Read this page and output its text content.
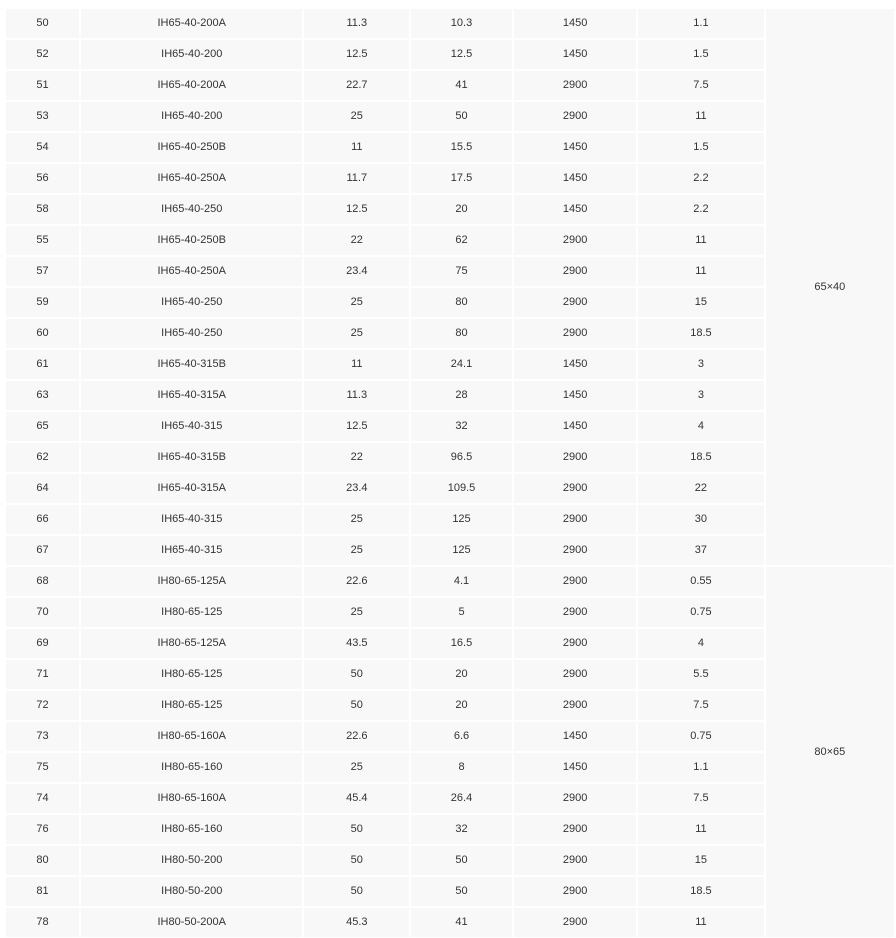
50	IH65-40-200A	11.3	10.3	1450	1.1	65×40
52	IH65-40-200	12.5	12.5	1450	1.5	
51	IH65-40-200A	22.7	41	2900	7.5	
53	IH65-40-200	25	50	2900	11	
54	IH65-40-250B	11	15.5	1450	1.5	
56	IH65-40-250A	11.7	17.5	1450	2.2	
58	IH65-40-250	12.5	20	1450	2.2	
55	IH65-40-250B	22	62	2900	11	
57	IH65-40-250A	23.4	75	2900	11	
59	IH65-40-250	25	80	2900	15	
60	IH65-40-250	25	80	2900	18.5	
61	IH65-40-315B	11	24.1	1450	3	
63	IH65-40-315A	11.3	28	1450	3	
65	IH65-40-315	12.5	32	1450	4	
62	IH65-40-315B	22	96.5	2900	18.5	
64	IH65-40-315A	23.4	109.5	2900	22	
66	IH65-40-315	25	125	2900	30	
67	IH65-40-315	25	125	2900	37	
68	IH80-65-125A	22.6	4.1	2900	0.55	80×65
70	IH80-65-125	25	5	2900	0.75	
69	IH80-65-125A	43.5	16.5	2900	4	
71	IH80-65-125	50	20	2900	5.5	
72	IH80-65-125	50	20	2900	7.5	
73	IH80-65-160A	22.6	6.6	1450	0.75	
75	IH80-65-160	25	8	1450	1.1	
74	IH80-65-160A	45.4	26.4	2900	7.5	
76	IH80-65-160	50	32	2900	11	
80	IH80-50-200	50	50	2900	15	
81	IH80-50-200	50	50	2900	18.5	
78	IH80-50-200A	45.3	41	2900	11	
